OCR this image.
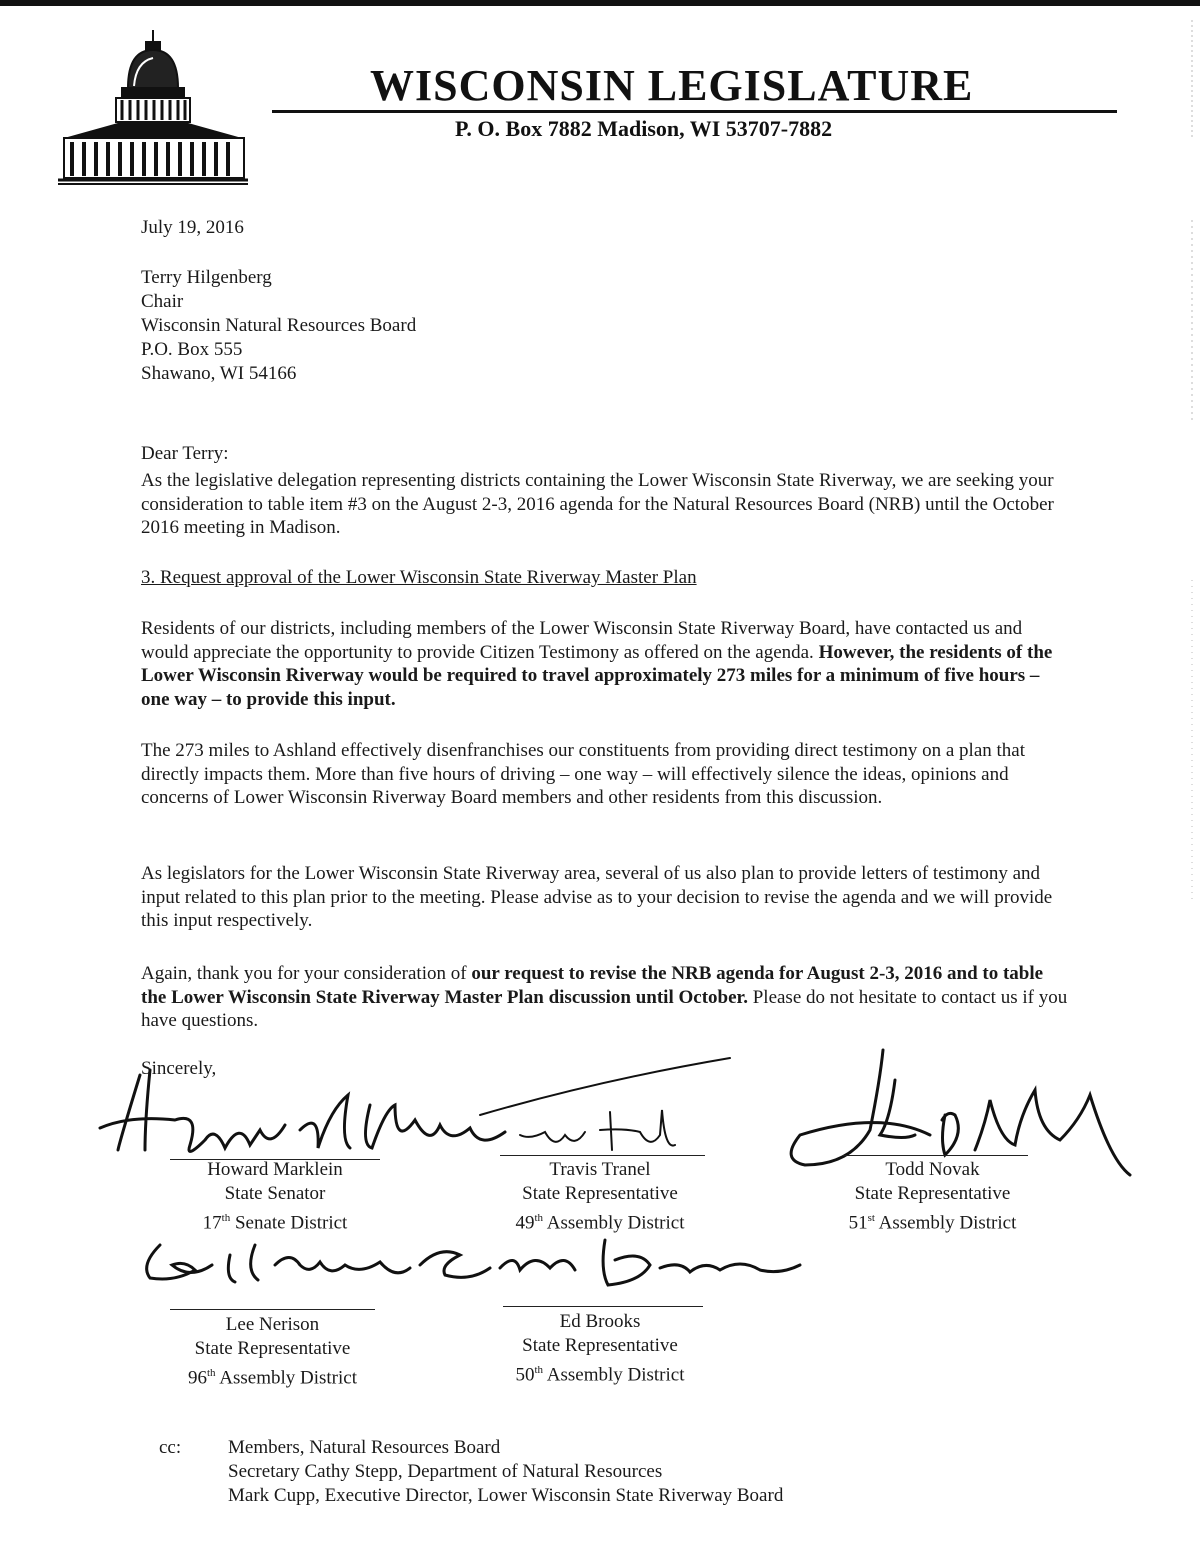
WISCONSIN LEGISLATURE
P. O. Box 7882 Madison, WI 53707-7882
July 19, 2016
Terry Hilgenberg
Chair
Wisconsin Natural Resources Board
P.O. Box 555
Shawano, WI 54166
Dear Terry:
As the legislative delegation representing districts containing the Lower Wisconsin State Riverway, we are seeking your consideration to table item #3 on the August 2-3, 2016 agenda for the Natural Resources Board (NRB) until the October 2016 meeting in Madison.
3. Request approval of the Lower Wisconsin State Riverway Master Plan
Residents of our districts, including members of the Lower Wisconsin State Riverway Board, have contacted us and would appreciate the opportunity to provide Citizen Testimony as offered on the agenda. However, the residents of the Lower Wisconsin Riverway would be required to travel approximately 273 miles for a minimum of five hours – one way – to provide this input.
The 273 miles to Ashland effectively disenfranchises our constituents from providing direct testimony on a plan that directly impacts them. More than five hours of driving – one way – will effectively silence the ideas, opinions and concerns of Lower Wisconsin Riverway Board members and other residents from this discussion.
As legislators for the Lower Wisconsin State Riverway area, several of us also plan to provide letters of testimony and input related to this plan prior to the meeting. Please advise as to your decision to revise the agenda and we will provide this input respectively.
Again, thank you for your consideration of our request to revise the NRB agenda for August 2-3, 2016 and to table the Lower Wisconsin State Riverway Master Plan discussion until October. Please do not hesitate to contact us if you have questions.
Sincerely,
Howard Marklein
State Senator
17th Senate District
Travis Tranel
State Representative
49th Assembly District
Todd Novak
State Representative
51st Assembly District
Lee Nerison
State Representative
96th Assembly District
Ed Brooks
State Representative
50th Assembly District
cc: Members, Natural Resources Board
Secretary Cathy Stepp, Department of Natural Resources
Mark Cupp, Executive Director, Lower Wisconsin State Riverway Board
